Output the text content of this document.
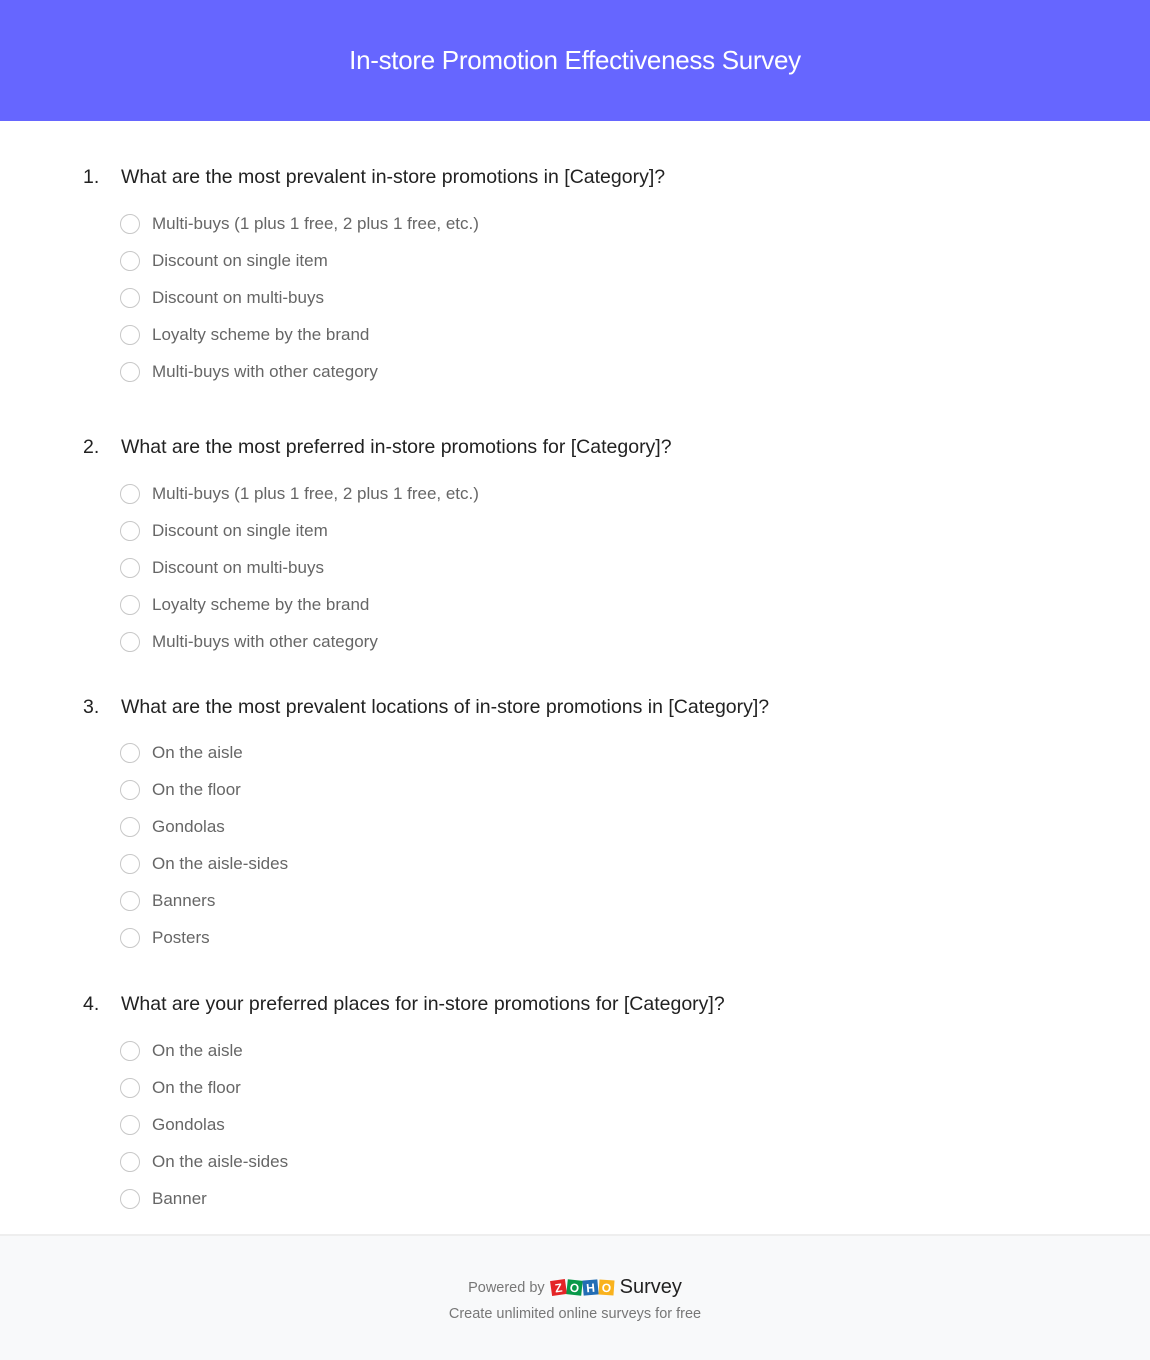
In-store Promotion Effectiveness Survey
1. What are the most prevalent in-store promotions in [Category]?
Multi-buys (1 plus 1 free, 2 plus 1 free, etc.)
Discount on single item
Discount on multi-buys
Loyalty scheme by the brand
Multi-buys with other category
2. What are the most preferred in-store promotions for [Category]?
Multi-buys (1 plus 1 free, 2 plus 1 free, etc.)
Discount on single item
Discount on multi-buys
Loyalty scheme by the brand
Multi-buys with other category
3. What are the most prevalent locations of in-store promotions in [Category]?
On the aisle
On the floor
Gondolas
On the aisle-sides
Banners
Posters
4. What are your preferred places for in-store promotions for [Category]?
On the aisle
On the floor
Gondolas
On the aisle-sides
Banner
Powered by Z O H O Survey
Create unlimited online surveys for free
